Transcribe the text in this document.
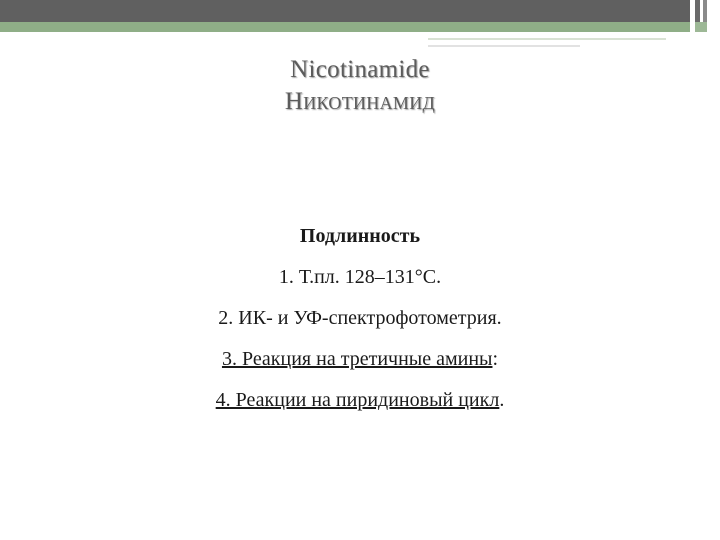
Nicotinamide
Никотинамид
Подлинность
1. Т.пл. 128–131°С.
2. ИК- и УФ-спектрофотометрия.
3. Реакция на третичные амины:
4. Реакции на пиридиновый цикл.
